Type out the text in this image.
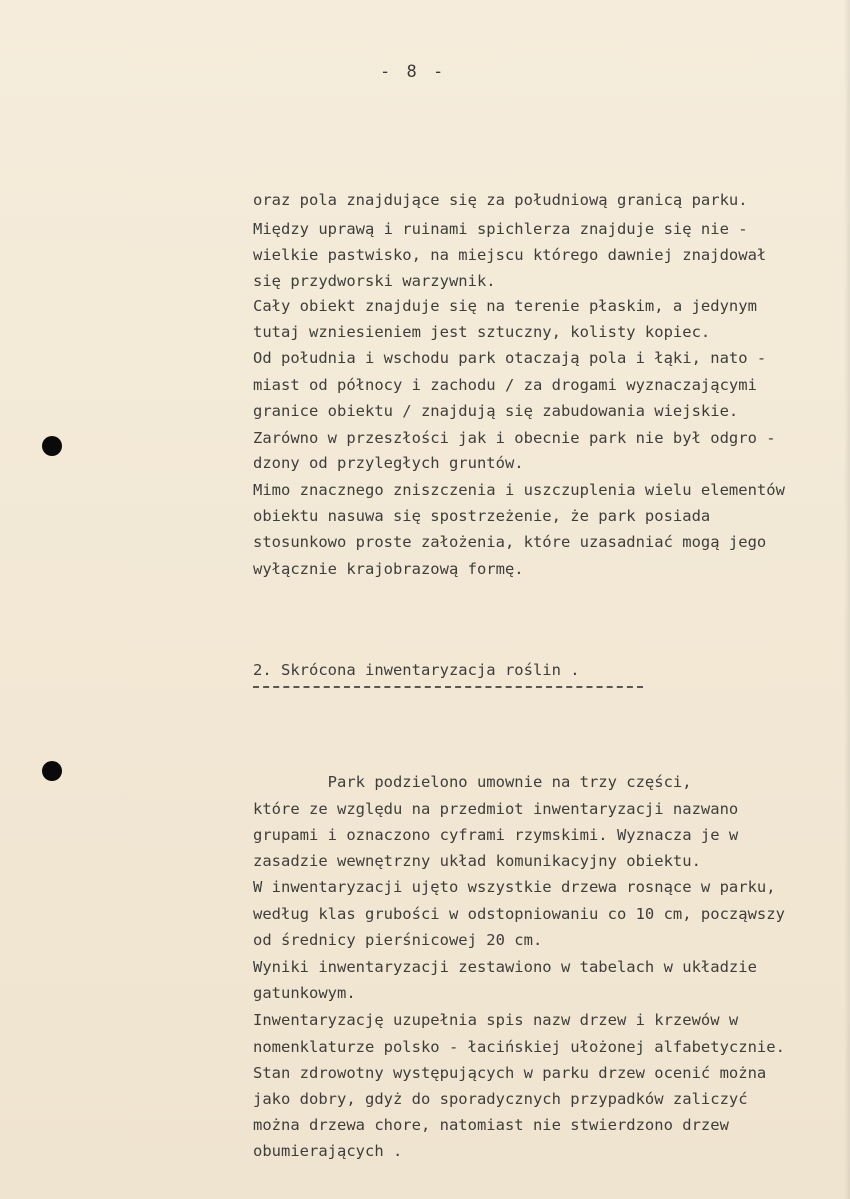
- 8 -
oraz pola znajdujące się za południową granicą parku.
Między uprawą i ruinami spichlerza znajduje się nie -
wielkie pastwisko, na miejscu którego dawniej znajdował
się przydworski warzywnik.
Cały obiekt znajduje się na terenie płaskim, a jedynym
tutaj wzniesieniem jest sztuczny, kolisty kopiec.
Od południa i wschodu park otaczają pola i łąki, nato -
miast od północy i zachodu / za drogami wyznaczającymi
granice obiektu / znajdują się zabudowania wiejskie.
Zarówno w przeszłości jak i obecnie park nie był odgro -
dzony od przyległych gruntów.
Mimo znacznego zniszczenia i uszczuplenia wielu elementów
obiektu nasuwa się spostrzeżenie, że park posiada
stosunkowo proste założenia, które uzasadniać mogą jego
wyłącznie krajobrazową formę.
2. Skrócona inwentaryzacja roślin .
Park podzielono umownie na trzy części,
które ze względu na przedmiot inwentaryzacji nazwano
grupami i oznaczono cyframi rzymskimi. Wyznacza je w
zasadzie wewnętrzny układ komunikacyjny obiektu.
W inwentaryzacji ujęto wszystkie drzewa rosnące w parku,
według klas grubości w odstopniowaniu co 10 cm, począwszy
od średnicy pierśnicowej 20 cm.
Wyniki inwentaryzacji zestawiono w tabelach w układzie
gatunkowym.
Inwentaryzację uzupełnia spis nazw drzew i krzewów w
nomenklaturze polsko - łacińskiej ułożonej alfabetycznie.
Stan zdrowotny występujących w parku drzew ocenić można
jako dobry, gdyż do sporadycznych przypadków zaliczyć
można drzewa chore, natomiast nie stwierdzono drzew
obumierających .
